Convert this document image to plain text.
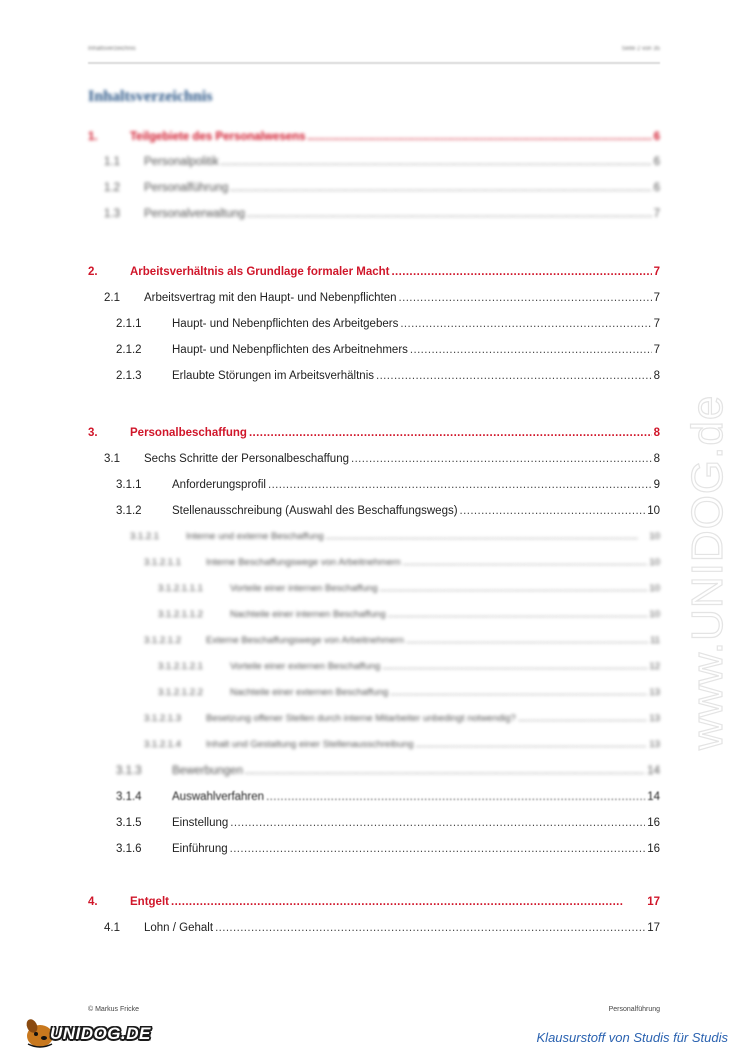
Inhaltsverzeichnis	Seite 2 von 35
Inhaltsverzeichnis
1.	Teilgebiete des Personalwesens . . .	6
1.1	Personalpolitik . . .	6
1.2	Personalführung . . .	6
1.3	Personalverwaltung . . .	7
2.	Arbeitsverhältnis als Grundlage formaler Macht . . .	7
2.1	Arbeitsvertrag mit den Haupt- und Nebenpflichten . . .	7
2.1.1	Haupt- und Nebenpflichten des Arbeitgebers . . .	7
2.1.2	Haupt- und Nebenpflichten des Arbeitnehmers . . .	7
2.1.3	Erlaubte Störungen im Arbeitsverhältnis . . .	8
3.	Personalbeschaffung . . .	8
3.1	Sechs Schritte der Personalbeschaffung . . .	8
3.1.1	Anforderungsprofil . . .	9
3.1.2	Stellenausschreibung (Auswahl des Beschaffungswegs) . . .	10
3.1.2.1	Interne und externe Beschaffung . . .	10
3.1.2.1.1	Interne Beschaffungswege von Arbeitnehmern . . .	10
3.1.2.1.1.1	Vorteile einer internen Beschaffung . . .	10
3.1.2.1.1.2	Nachteile einer internen Beschaffung . . .	10
3.1.2.1.2	Externe Beschaffungswege von Arbeitnehmern . . .	11
3.1.2.1.2.1	Vorteile einer externen Beschaffung . . .	12
3.1.2.1.2.2	Nachteile einer externen Beschaffung . . .	13
3.1.2.1.3	Besetzung offener Stellen durch interne Mitarbeiter unbedingt notwendig? . . .	13
3.1.2.1.4	Inhalt und Gestaltung einer Stellenausschreibung . . .	13
3.1.3	Bewerbungen . . .	14
3.1.4	Auswahlverfahren . . .	14
3.1.5	Einstellung . . .	16
3.1.6	Einführung . . .	16
4.	Entgelt . . .	17
4.1	Lohn / Gehalt . . .	17
www.UNIDOG.de
© Markus Fricke	Personalführung
UNIDOG.DE	Klausurstoff von Studis für Studis
